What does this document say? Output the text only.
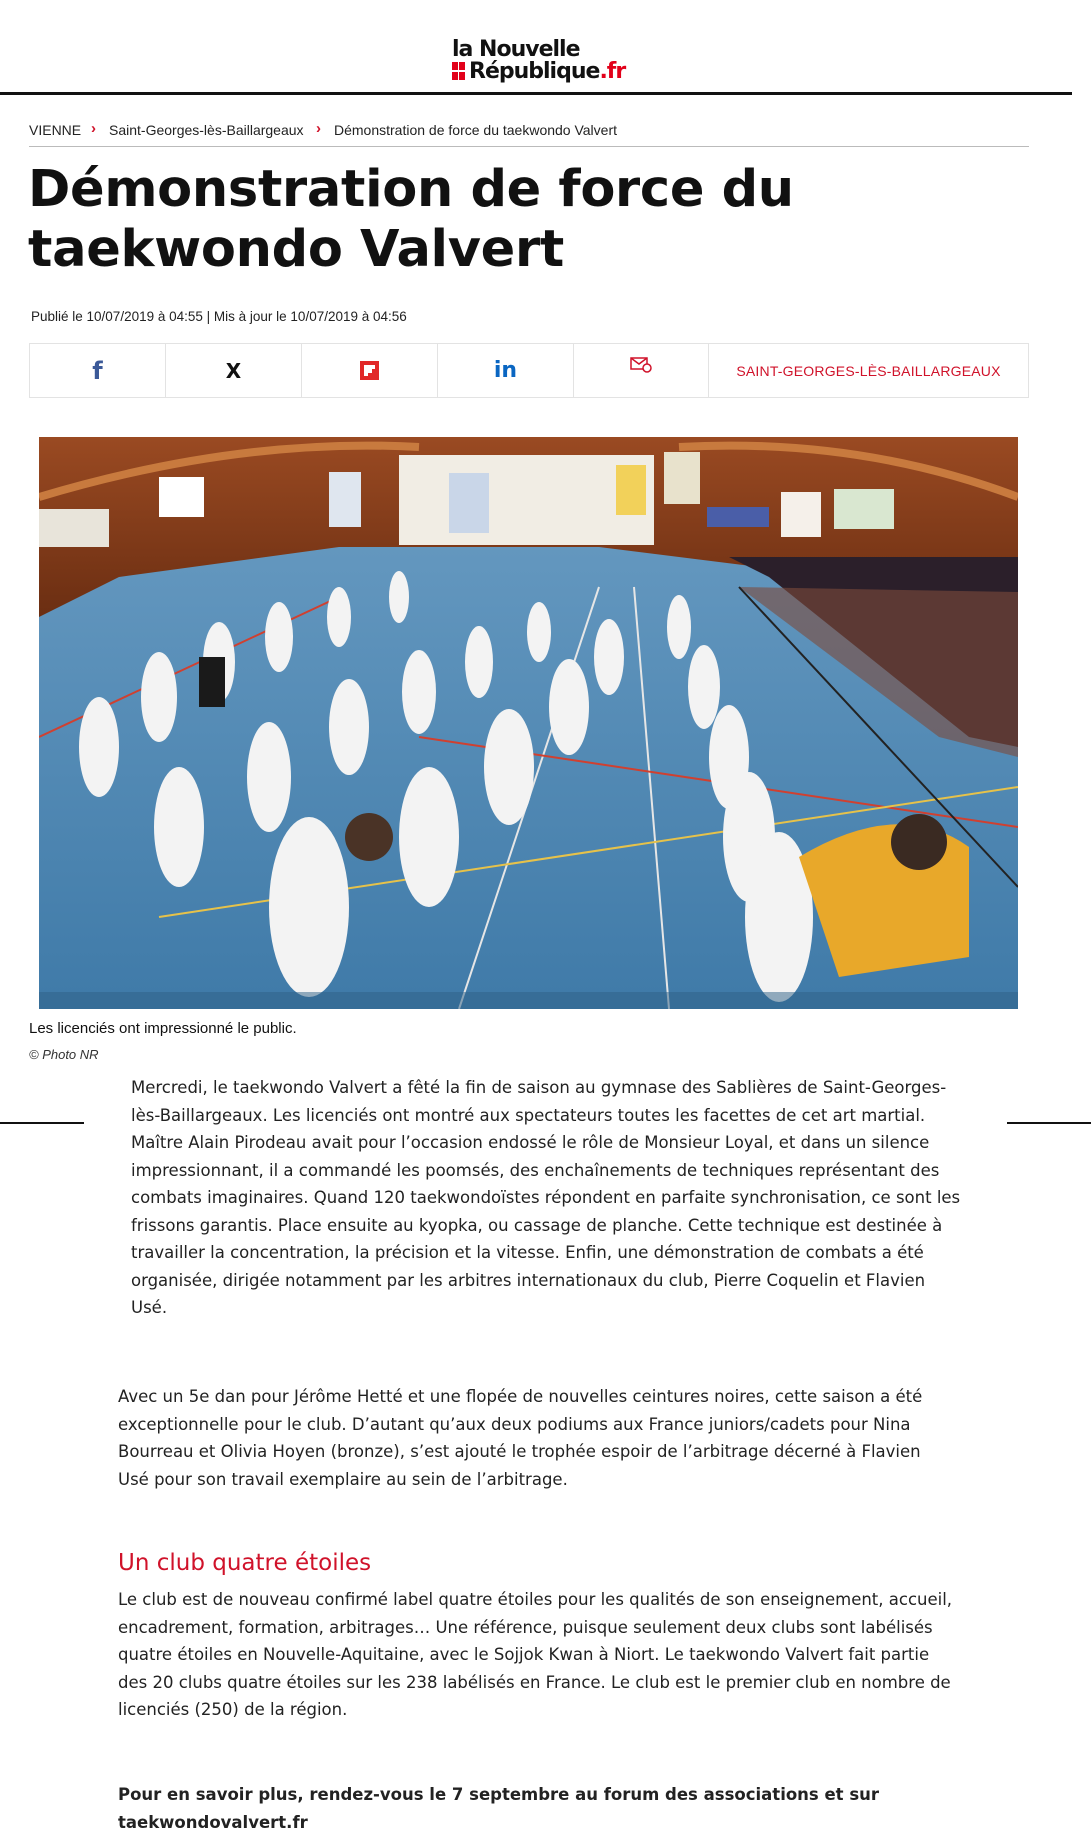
la Nouvelle
République.fr
VIENNE › Saint-Georges-lès-Baillargeaux › Démonstration de force du taekwondo Valvert
Démonstration de force du taekwondo Valvert
Publié le 10/07/2019 à 04:55 | Mis à jour le 10/07/2019 à 04:56
f	X	in	SAINT-GEORGES-LÈS-BAILLARGEAUX
Les licenciés ont impressionné le public.
© Photo NR

Mercredi, le taekwondo Valvert a fêté la fin de saison au gymnase des Sablières de Saint-Georges-lès-Baillargeaux. Les licenciés ont montré aux spectateurs toutes les facettes de cet art martial. Maître Alain Pirodeau avait pour l’occasion endossé le rôle de Monsieur Loyal, et dans un silence impressionnant, il a commandé les poomsés, des enchaînements de techniques représentant des combats imaginaires. Quand 120 taekwondoïstes répondent en parfaite synchronisation, ce sont les frissons garantis. Place ensuite au kyopka, ou cassage de planche. Cette technique est destinée à travailler la concentration, la précision et la vitesse. Enfin, une démonstration de combats a été organisée, dirigée notamment par les arbitres internationaux du club, Pierre Coquelin et Flavien Usé.

Avec un 5e dan pour Jérôme Hetté et une flopée de nouvelles ceintures noires, cette saison a été exceptionnelle pour le club. D’autant qu’aux deux podiums aux France juniors/cadets pour Nina Bourreau et Olivia Hoyen (bronze), s’est ajouté le trophée espoir de l’arbitrage décerné à Flavien Usé pour son travail exemplaire au sein de l’arbitrage.

Un club quatre étoiles

Le club est de nouveau confirmé label quatre étoiles pour les qualités de son enseignement, accueil, encadrement, formation, arbitrages… Une référence, puisque seulement deux clubs sont labélisés quatre étoiles en Nouvelle-Aquitaine, avec le Sojjok Kwan à Niort. Le taekwondo Valvert fait partie des 20 clubs quatre étoiles sur les 238 labélisés en France. Le club est le premier club en nombre de licenciés (250) de la région.

Pour en savoir plus, rendez-vous le 7 septembre au forum des associations et sur taekwondovalvert.fr
